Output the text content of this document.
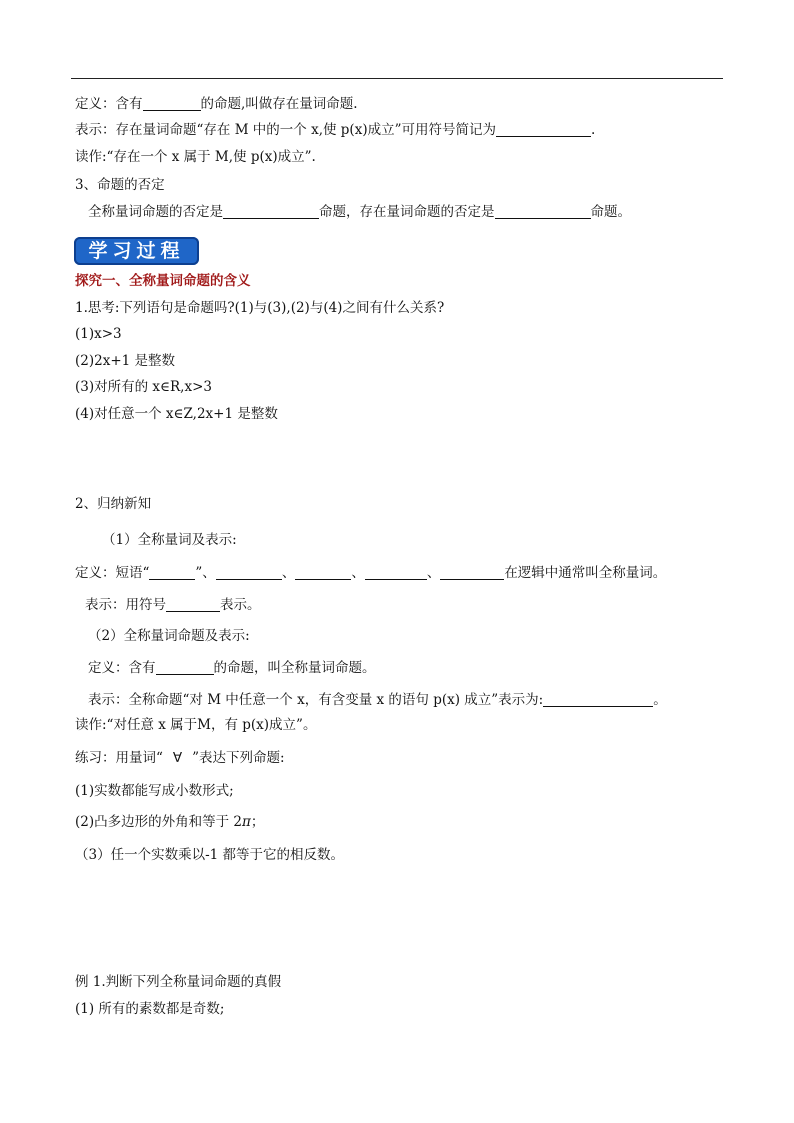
定义：含有	的命题,叫做存在量词命题.
表示：存在量词命题“存在 M 中的一个 x,使 p(x)成立”可用符号简记为	.
读作:“存在一个 x 属于 M,使 p(x)成立”.
3、命题的否定
全称量词命题的否定是	命题，存在量词命题的否定是	命题。
学习过程
探究一、全称量词命题的含义
1.思考:下列语句是命题吗?(1)与(3),(2)与(4)之间有什么关系?
(1)x>3
(2)2x+1 是整数
(3)对所有的 x∈R,x>3
(4)对任意一个 x∈Z,2x+1 是整数
2、归纳新知
（1）全称量词及表示:
定义：短语“	”、	、	、	、	在逻辑中通常叫全称量词。
表示：用符号	表示。
（2）全称量词命题及表示:
定义：含有	的命题，叫全称量词命题。
表示：全称命题“对 M 中任意一个 x，有含变量 x 的语句 p(x) 成立”表示为:	。
读作:“对任意 x 属于M，有 p(x)成立”。
练习：用量词“ ∀ ”表达下列命题:
(1)实数都能写成小数形式;
(2)凸多边形的外角和等于 2π；
（3）任一个实数乘以-1 都等于它的相反数。
例 1.判断下列全称量词命题的真假
(1) 所有的素数都是奇数;
